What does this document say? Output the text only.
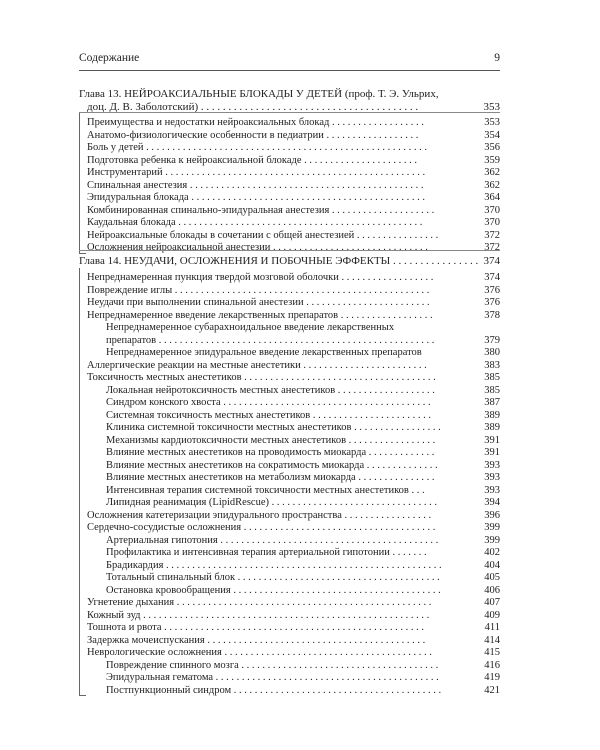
Содержание	9
Глава 13. НЕЙРОАКСИАЛЬНЫЕ БЛОКАДЫ У ДЕТЕЙ (проф. Т. Э. Ульрих,
доц. Д. В. Заболотский) . . . . . . . . . . . . . . . . . . . . . . . . . . . . . . . . . . . . . . . .	353
Преимущества и недостатки нейроаксиальных блокад . . . . . . . . . . . . . . . . . .	353
Анатомо-физиологические особенности в педиатрии . . . . . . . . . . . . . . . . . .	354
Боль у детей . . . . . . . . . . . . . . . . . . . . . . . . . . . . . . . . . . . . . . . . . . . . . . . . . . . . . .	356
Подготовка ребенка к нейроаксиальной блокаде . . . . . . . . . . . . . . . . . . . . . .	359
Инструментарий . . . . . . . . . . . . . . . . . . . . . . . . . . . . . . . . . . . . . . . . . . . . . . . . . .	362
Спинальная анестезия . . . . . . . . . . . . . . . . . . . . . . . . . . . . . . . . . . . . . . . . . . . . .	362
Эпидуральная блокада . . . . . . . . . . . . . . . . . . . . . . . . . . . . . . . . . . . . . . . . . . . . .	364
Комбинированная спинально-эпидуральная анестезия . . . . . . . . . . . . . . . . . . . .	370
Каудальная блокада . . . . . . . . . . . . . . . . . . . . . . . . . . . . . . . . . . . . . . . . . . . . . . .	370
Нейроаксиальные блокады в сочетании с общей анестезией . . . . . . . . . . . . . . . .	372
Осложнения нейроаксиальной анестезии . . . . . . . . . . . . . . . . . . . . . . . . . . . . . .	372
Глава 14. НЕУДАЧИ, ОСЛОЖНЕНИЯ И ПОБОЧНЫЕ ЭФФЕКТЫ . . . . . . . . . . . . . . . . 374
Непреднамеренная пункция твердой мозговой оболочки . . . . . . . . . . . . . . . . . .	374
Повреждение иглы . . . . . . . . . . . . . . . . . . . . . . . . . . . . . . . . . . . . . . . . . . . . . . . . .	376
Неудачи при выполнении спинальной анестезии . . . . . . . . . . . . . . . . . . . . . . . .	376
Непреднамеренное введение лекарственных препаратов . . . . . . . . . . . . . . . . . .	378
Непреднамеренное субарахноидальное введение лекарственных
препаратов . . . . . . . . . . . . . . . . . . . . . . . . . . . . . . . . . . . . . . . . . . . . . . . . . . . . .	379
Непреднамеренное эпидуральное введение лекарственных препаратов	380
Аллергические реакции на местные анестетики . . . . . . . . . . . . . . . . . . . . . . . .	383
Токсичность местных анестетиков . . . . . . . . . . . . . . . . . . . . . . . . . . . . . . . . . . . . .	385
Локальная нейротоксичность местных анестетиков . . . . . . . . . . . . . . . . . . .	385
Синдром конского хвоста . . . . . . . . . . . . . . . . . . . . . . . . . . . . . . . . . . . . . . . .	387
Системная токсичность местных анестетиков . . . . . . . . . . . . . . . . . . . . . . .	389
Клиника системной токсичности местных анестетиков . . . . . . . . . . . . . . . . .	389
Механизмы кардиотоксичности местных анестетиков . . . . . . . . . . . . . . . . .	391
Влияние местных анестетиков на проводимость миокарда . . . . . . . . . . . . .	391
Влияние местных анестетиков на сократимость миокарда . . . . . . . . . . . . . .	393
Влияние местных анестетиков на метаболизм миокарда . . . . . . . . . . . . . . .	393
Интенсивная терапия системной токсичности местных анестетиков . . .	393
Липидная реанимация (LipidRescue) . . . . . . . . . . . . . . . . . . . . . . . . . . . . . . . .	394
Осложнения катетеризации эпидурального пространства . . . . . . . . . . . . . . . . .	396
Сердечно-сосудистые осложнения . . . . . . . . . . . . . . . . . . . . . . . . . . . . . . . . . . . . .	399
Артериальная гипотония . . . . . . . . . . . . . . . . . . . . . . . . . . . . . . . . . . . . . . . . . .	399
Профилактика и интенсивная терапия артериальной гипотонии . . . . . . .	402
Брадикардия . . . . . . . . . . . . . . . . . . . . . . . . . . . . . . . . . . . . . . . . . . . . . . . . . . . . .	404
Тотальный спинальный блок . . . . . . . . . . . . . . . . . . . . . . . . . . . . . . . . . . . . . . .	405
Остановка кровообращения . . . . . . . . . . . . . . . . . . . . . . . . . . . . . . . . . . . . . . . .	406
Угнетение дыхания . . . . . . . . . . . . . . . . . . . . . . . . . . . . . . . . . . . . . . . . . . . . . . . . .	407
Кожный зуд . . . . . . . . . . . . . . . . . . . . . . . . . . . . . . . . . . . . . . . . . . . . . . . . . . . . . . .	409
Тошнота и рвота . . . . . . . . . . . . . . . . . . . . . . . . . . . . . . . . . . . . . . . . . . . . . . . . . .	411
Задержка мочеиспускания . . . . . . . . . . . . . . . . . . . . . . . . . . . . . . . . . . . . . . . . . .	414
Неврологические осложнения . . . . . . . . . . . . . . . . . . . . . . . . . . . . . . . . . . . . . . . .	415
Повреждение спинного мозга . . . . . . . . . . . . . . . . . . . . . . . . . . . . . . . . . . . . . .	416
Эпидуральная гематома . . . . . . . . . . . . . . . . . . . . . . . . . . . . . . . . . . . . . . . . . . .	419
Постпункционный синдром . . . . . . . . . . . . . . . . . . . . . . . . . . . . . . . . . . . . . . . .	421
